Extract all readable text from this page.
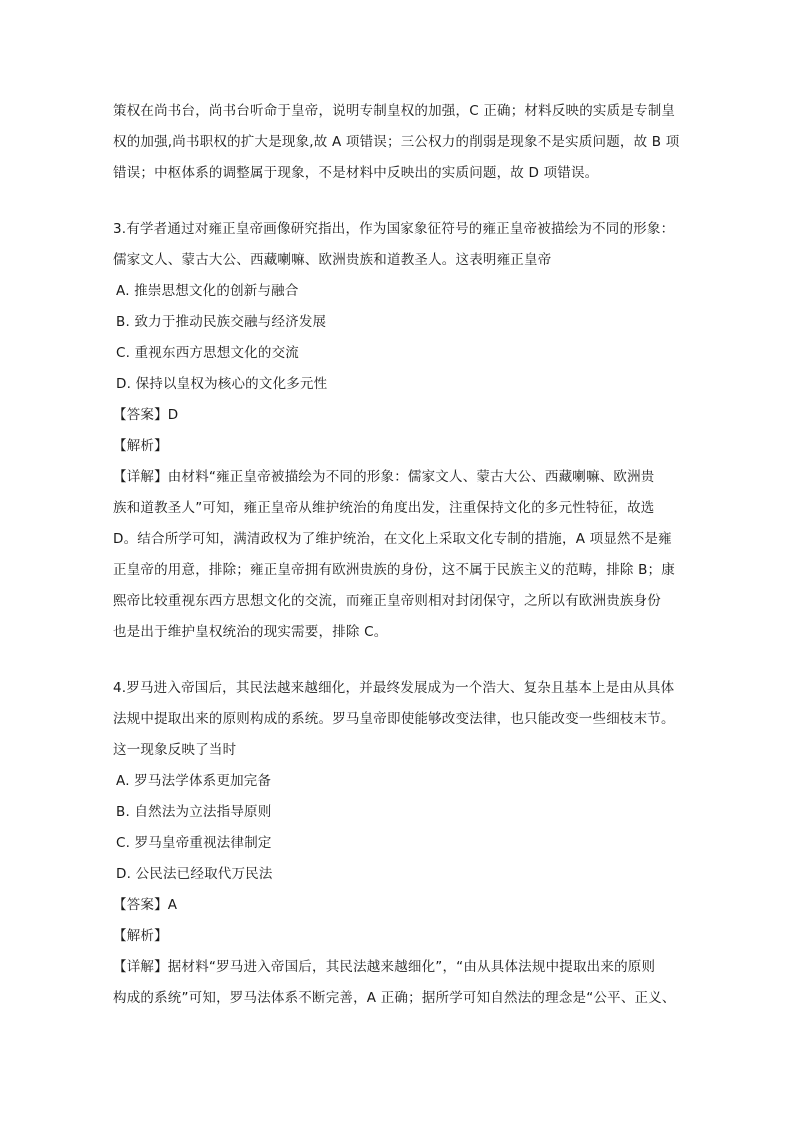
策权在尚书台，尚书台听命于皇帝，说明专制皇权的加强，C 正确；材料反映的实质是专制皇
权的加强,尚书职权的扩大是现象,故 A 项错误；三公权力的削弱是现象不是实质问题，故 B 项
错误；中枢体系的调整属于现象，不是材料中反映出的实质问题，故 D 项错误。
3.有学者通过对雍正皇帝画像研究指出，作为国家象征符号的雍正皇帝被描绘为不同的形象：
儒家文人、蒙古大公、西藏喇嘛、欧洲贵族和道教圣人。这表明雍正皇帝
A. 推崇思想文化的创新与融合
B. 致力于推动民族交融与经济发展
C. 重视东西方思想文化的交流
D. 保持以皇权为核心的文化多元性
【答案】D
【解析】
【详解】由材料“雍正皇帝被描绘为不同的形象：儒家文人、蒙古大公、西藏喇嘛、欧洲贵
族和道教圣人”可知，雍正皇帝从维护统治的角度出发，注重保持文化的多元性特征，故选
D。结合所学可知，满清政权为了维护统治，在文化上采取文化专制的措施，A 项显然不是雍
正皇帝的用意，排除；雍正皇帝拥有欧洲贵族的身份，这不属于民族主义的范畴，排除 B；康
熙帝比较重视东西方思想文化的交流，而雍正皇帝则相对封闭保守，之所以有欧洲贵族身份
也是出于维护皇权统治的现实需要，排除 C。
4.罗马进入帝国后，其民法越来越细化，并最终发展成为一个浩大、复杂且基本上是由从具体
法规中提取出来的原则构成的系统。罗马皇帝即使能够改变法律，也只能改变一些细枝末节。
这一现象反映了当时
A. 罗马法学体系更加完备
B. 自然法为立法指导原则
C. 罗马皇帝重视法律制定
D. 公民法已经取代万民法
【答案】A
【解析】
【详解】据材料“罗马进入帝国后，其民法越来越细化”，“由从具体法规中提取出来的原则
构成的系统”可知，罗马法体系不断完善，A 正确；据所学可知自然法的理念是“公平、正义、
